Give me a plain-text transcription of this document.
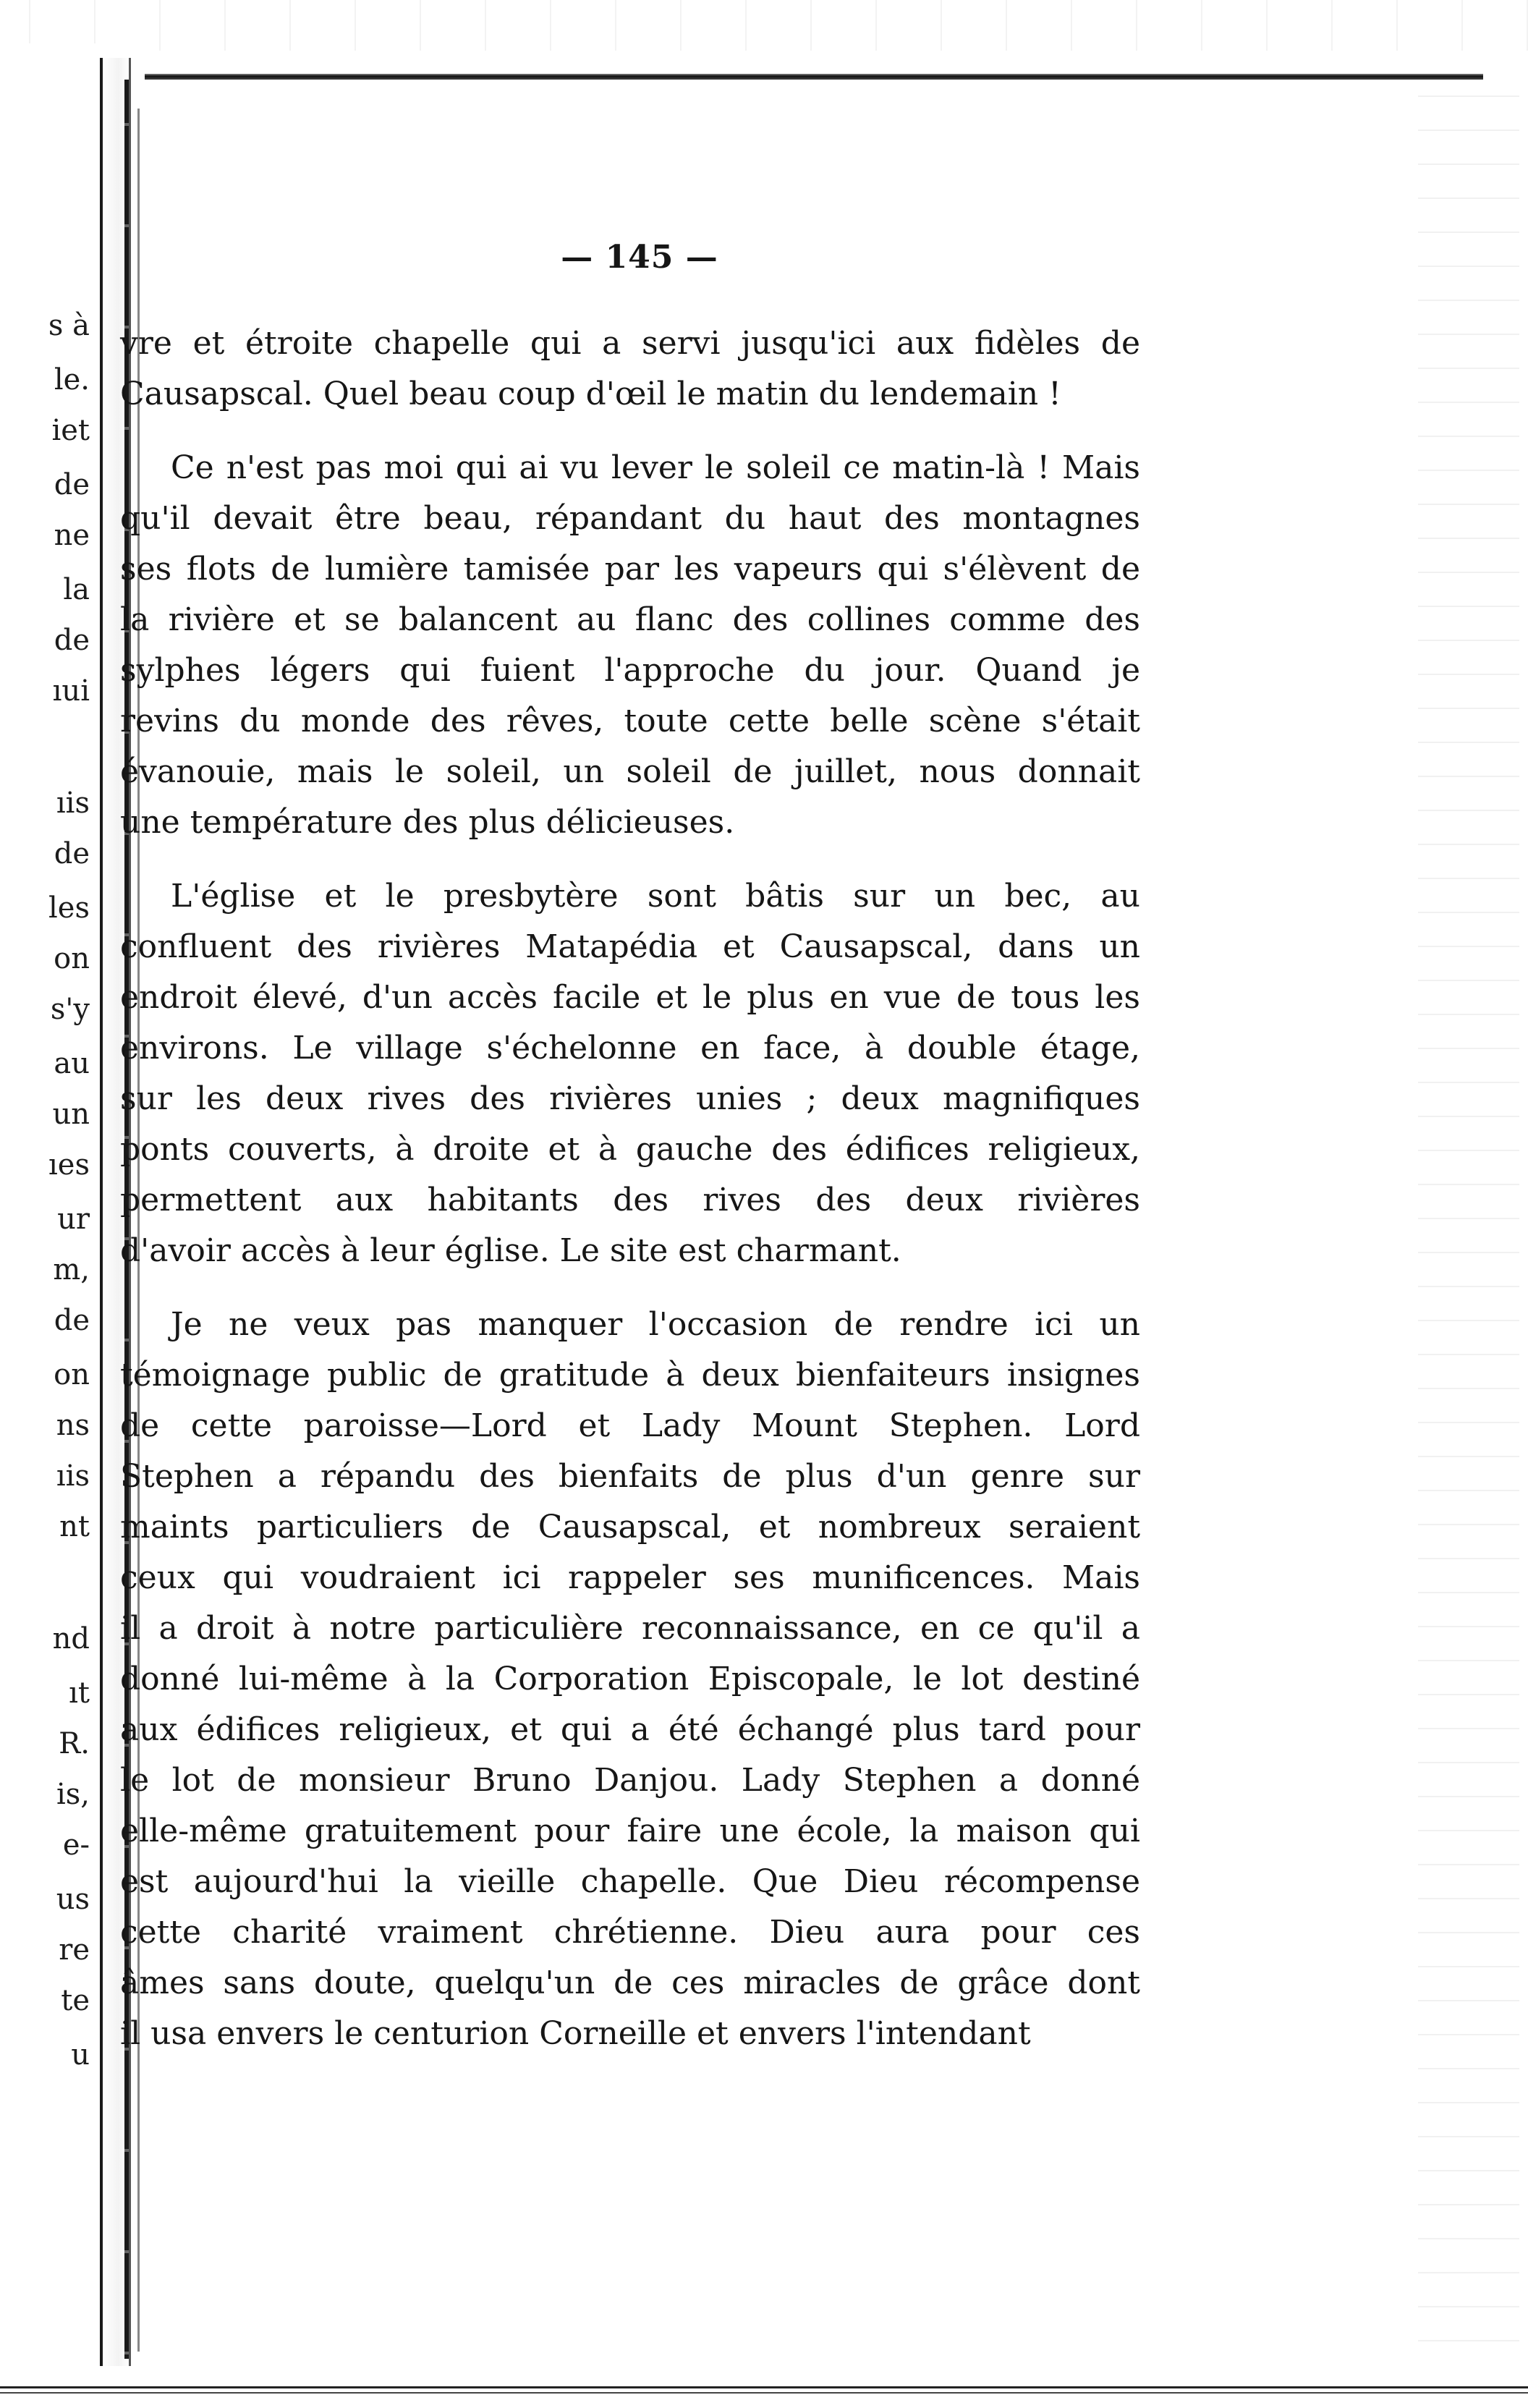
s à
le.
iet
de
ne
la
de
ıui
ıis
de
les
on
s'y
au
un
ıes
ur
m,
de
on
ns
ıis
nt
nd
ıt
R.
is,
e-
us
re
te
u
— 145 —
vre et étroite chapelle qui a servi jusqu'ici aux fidèles de
Causapscal. Quel beau coup d'œil le matin du lendemain !
Ce n'est pas moi qui ai vu lever le soleil ce matin-là ! Mais
qu'il devait être beau, répandant du haut des montagnes
ses flots de lumière tamisée par les vapeurs qui s'élèvent de
la rivière et se balancent au flanc des collines comme des
sylphes légers qui fuient l'approche du jour. Quand je
revins du monde des rêves, toute cette belle scène s'était
évanouie, mais le soleil, un soleil de juillet, nous donnait
une température des plus délicieuses.
L'église et le presbytère sont bâtis sur un bec, au
confluent des rivières Matapédia et Causapscal, dans un
endroit élevé, d'un accès facile et le plus en vue de tous les
environs. Le village s'échelonne en face, à double étage,
sur les deux rives des rivières unies ; deux magnifiques
ponts couverts, à droite et à gauche des édifices religieux,
permettent aux habitants des rives des deux rivières
d'avoir accès à leur église. Le site est charmant.
Je ne veux pas manquer l'occasion de rendre ici un
témoignage public de gratitude à deux bienfaiteurs insignes
de cette paroisse—Lord et Lady Mount Stephen. Lord
Stephen a répandu des bienfaits de plus d'un genre sur
maints particuliers de Causapscal, et nombreux seraient
ceux qui voudraient ici rappeler ses munificences. Mais
il a droit à notre particulière reconnaissance, en ce qu'il a
donné lui-même à la Corporation Episcopale, le lot destiné
aux édifices religieux, et qui a été échangé plus tard pour
le lot de monsieur Bruno Danjou. Lady Stephen a donné
elle-même gratuitement pour faire une école, la maison qui
est aujourd'hui la vieille chapelle. Que Dieu récompense
cette charité vraiment chrétienne. Dieu aura pour ces
âmes sans doute, quelqu'un de ces miracles de grâce dont
il usa envers le centurion Corneille et envers l'intendant
